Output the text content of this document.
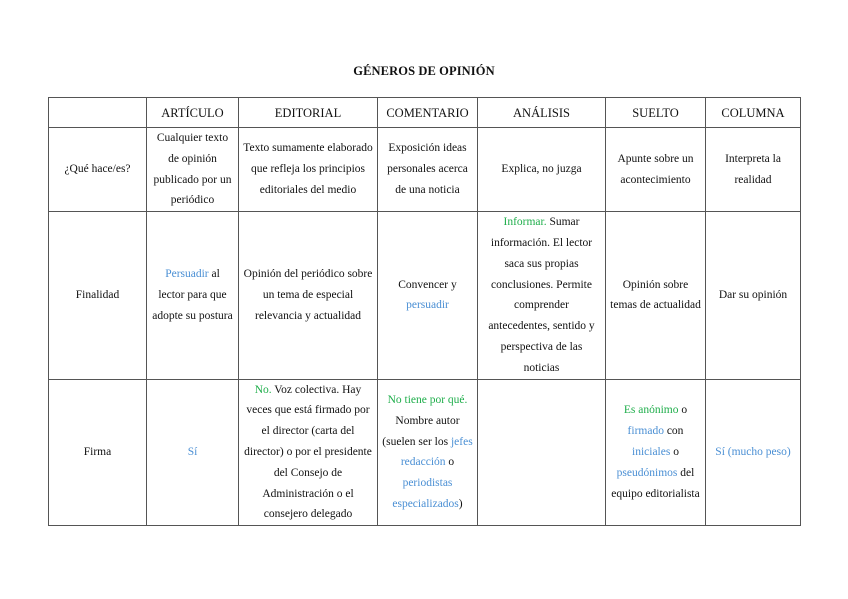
GÉNEROS DE OPINIÓN
	ARTÍCULO	EDITORIAL	COMENTARIO	ANÁLISIS	SUELTO	COLUMNA
¿Qué hace/es?	Cualquier texto de opinión publicado por un periódico	Texto sumamente elaborado que refleja los principios editoriales del medio	Exposición ideas personales acerca de una noticia	Explica, no juzga	Apunte sobre un acontecimiento	Interpreta la realidad
Finalidad	Persuadir al lector para que adopte su postura	Opinión del periódico sobre un tema de especial relevancia y actualidad	Convencer y persuadir	Informar. Sumar información. El lector saca sus propias conclusiones. Permite comprender antecedentes, sentido y perspectiva de las noticias	Opinión sobre temas de actualidad	Dar su opinión
Firma	Sí	No. Voz colectiva. Hay veces que está firmado por el director (carta del director) o por el presidente del Consejo de Administración o el consejero delegado	No tiene por qué. Nombre autor (suelen ser los jefes redacción o periodistas especializados)		Es anónimo o firmado con iniciales o pseudónimos del equipo editorialista	Sí (mucho peso)
